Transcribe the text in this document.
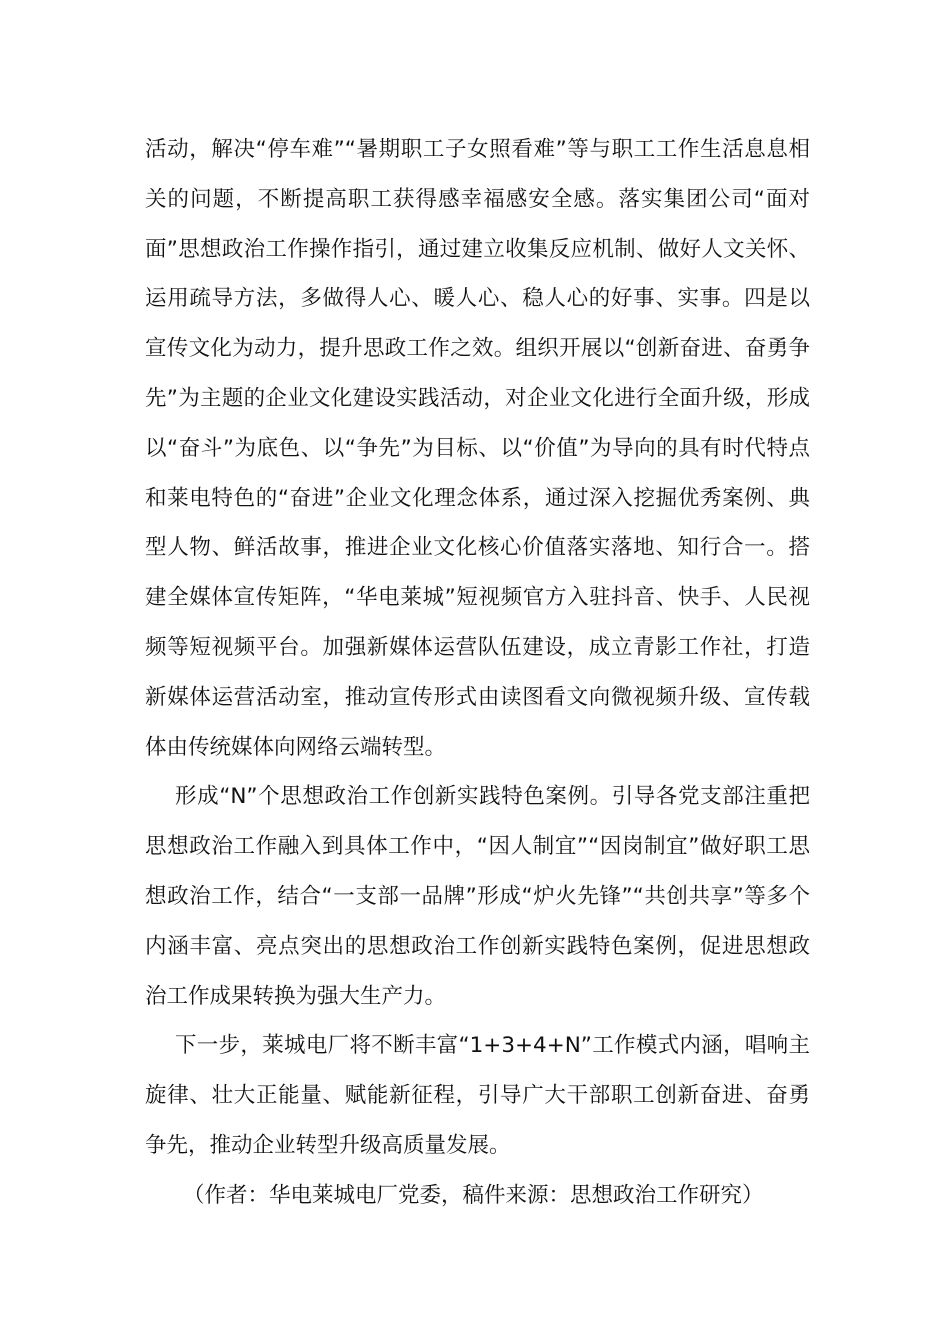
活动，解决“停车难”“暑期职工子女照看难”等与职工工作生活息息相关的问题，不断提高职工获得感幸福感安全感。落实集团公司“面对面”思想政治工作操作指引，通过建立收集反应机制、做好人文关怀、运用疏导方法，多做得人心、暖人心、稳人心的好事、实事。四是以宣传文化为动力，提升思政工作之效。组织开展以“创新奋进、奋勇争先”为主题的企业文化建设实践活动，对企业文化进行全面升级，形成以“奋斗”为底色、以“争先”为目标、以“价值”为导向的具有时代特点和莱电特色的“奋进”企业文化理念体系，通过深入挖掘优秀案例、典型人物、鲜活故事，推进企业文化核心价值落实落地、知行合一。搭建全媒体宣传矩阵，“华电莱城”短视频官方入驻抖音、快手、人民视频等短视频平台。加强新媒体运营队伍建设，成立青影工作社，打造新媒体运营活动室，推动宣传形式由读图看文向微视频升级、宣传载体由传统媒体向网络云端转型。

形成“N”个思想政治工作创新实践特色案例。引导各党支部注重把思想政治工作融入到具体工作中，“因人制宜”“因岗制宜”做好职工思想政治工作，结合“一支部一品牌”形成“炉火先锋”“共创共享”等多个内涵丰富、亮点突出的思想政治工作创新实践特色案例，促进思想政治工作成果转换为强大生产力。

下一步，莱城电厂将不断丰富“1+3+4+N”工作模式内涵，唱响主旋律、壮大正能量、赋能新征程，引导广大干部职工创新奋进、奋勇争先，推动企业转型升级高质量发展。

（作者：华电莱城电厂党委，稿件来源：思想政治工作研究）
